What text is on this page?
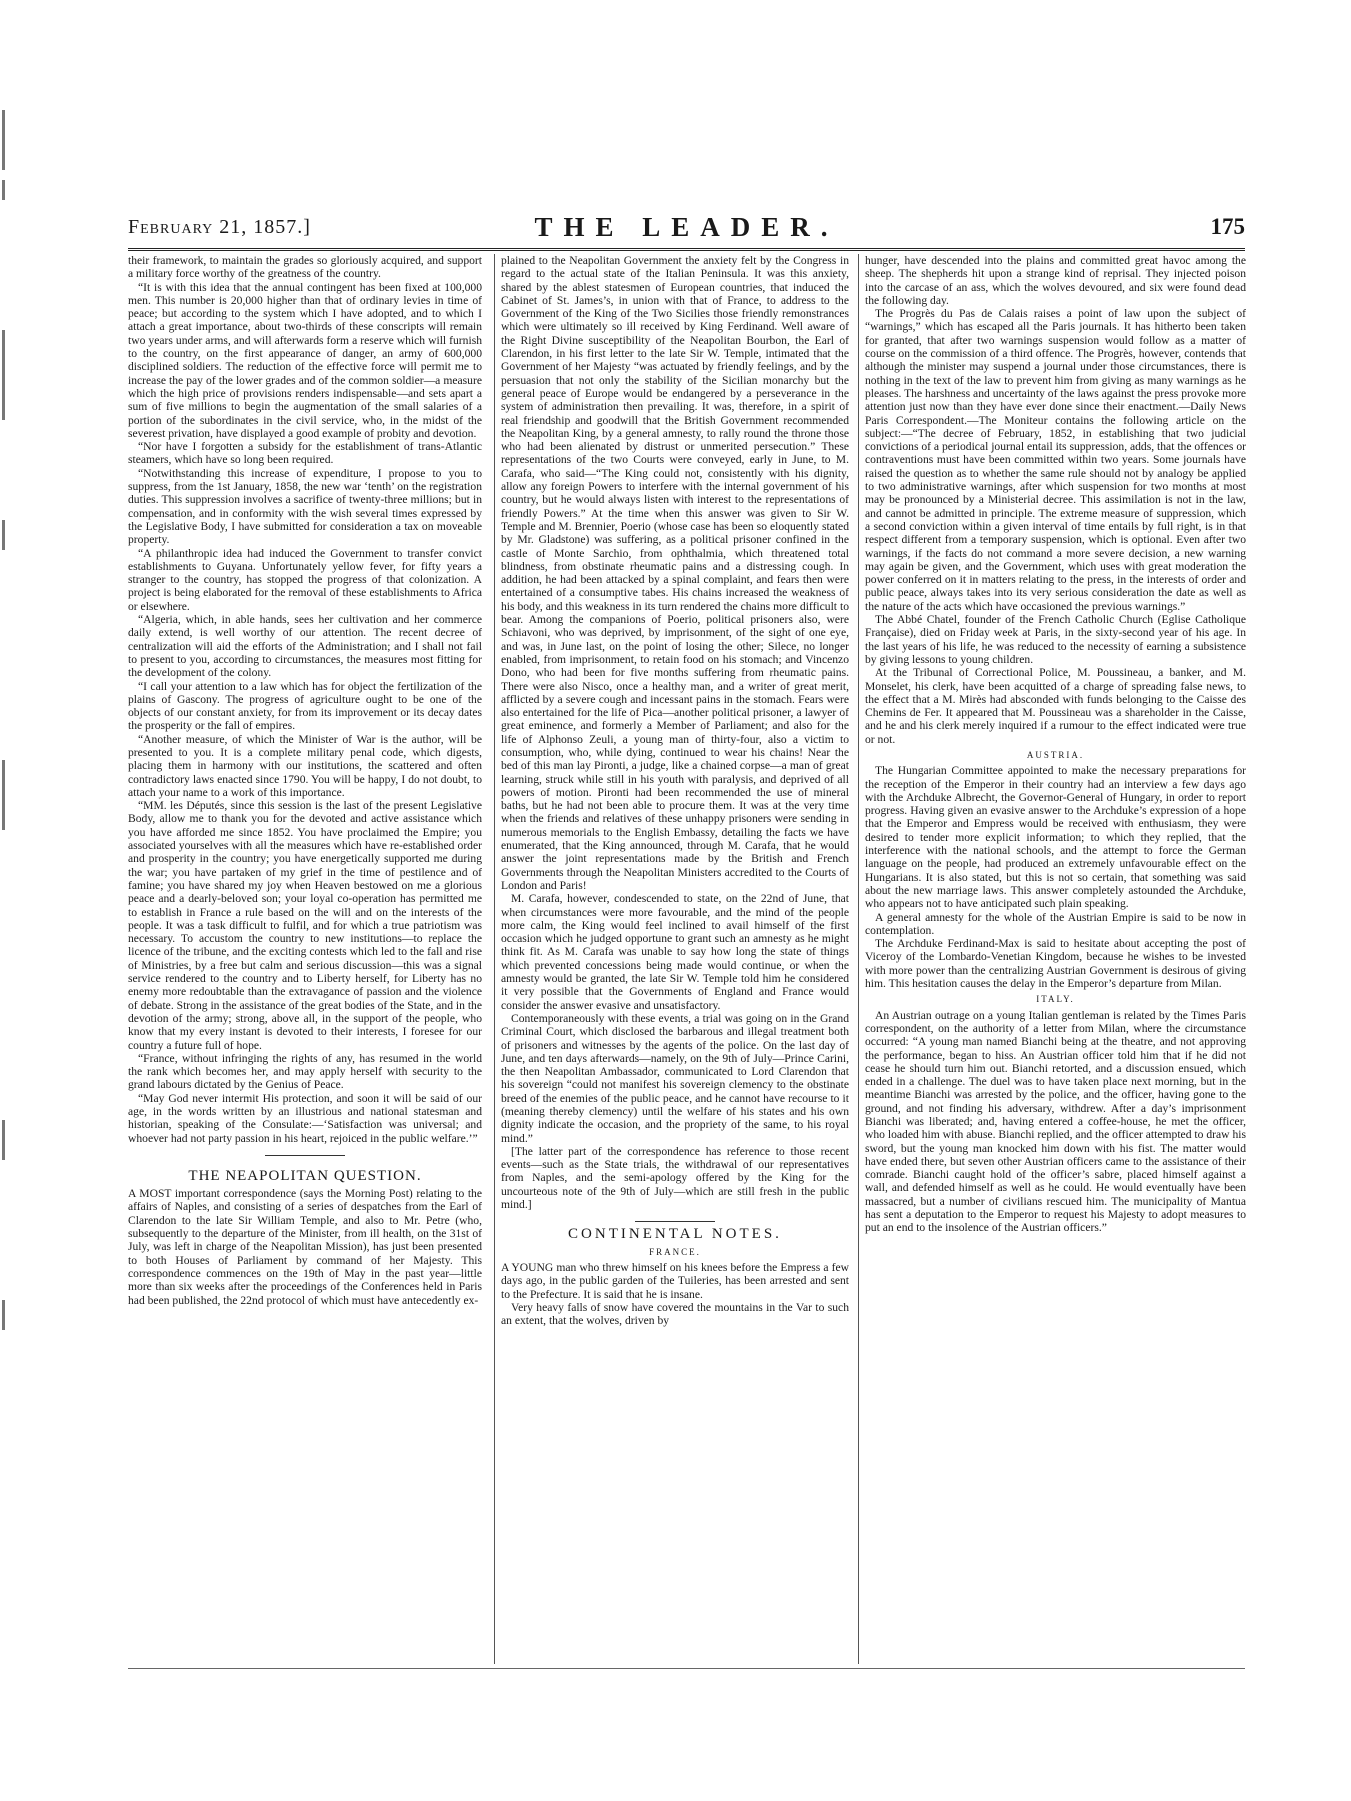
February 21, 1857.]	THE LEADER.	175

their framework, to maintain the grades so gloriously acquired, and support a military force worthy of the greatness of the country.

“It is with this idea that the annual contingent has been fixed at 100,000 men. This number is 20,000 higher than that of ordinary levies in time of peace; but according to the system which I have adopted, and to which I attach a great importance, about two-thirds of these conscripts will remain two years under arms, and will afterwards form a reserve which will furnish to the country, on the first appearance of danger, an army of 600,000 disciplined soldiers. The reduction of the effective force will permit me to increase the pay of the lower grades and of the common soldier—a measure which the high price of provisions renders indispensable—and sets apart a sum of five millions to begin the augmentation of the small salaries of a portion of the subordinates in the civil service, who, in the midst of the severest privation, have displayed a good example of probity and devotion.

“Nor have I forgotten a subsidy for the establishment of trans-Atlantic steamers, which have so long been required.

“Notwithstanding this increase of expenditure, I propose to you to suppress, from the 1st January, 1858, the new war ‘tenth’ on the registration duties. This suppression involves a sacrifice of twenty-three millions; but in compensation, and in conformity with the wish several times expressed by the Legislative Body, I have submitted for consideration a tax on moveable property.

“A philanthropic idea had induced the Government to transfer convict establishments to Guyana. Unfortunately yellow fever, for fifty years a stranger to the country, has stopped the progress of that colonization. A project is being elaborated for the removal of these establishments to Africa or elsewhere.

“Algeria, which, in able hands, sees her cultivation and her commerce daily extend, is well worthy of our attention. The recent decree of centralization will aid the efforts of the Administration; and I shall not fail to present to you, according to circumstances, the measures most fitting for the development of the colony.

“I call your attention to a law which has for object the fertilization of the plains of Gascony. The progress of agriculture ought to be one of the objects of our constant anxiety, for from its improvement or its decay dates the prosperity or the fall of empires.

“Another measure, of which the Minister of War is the author, will be presented to you. It is a complete military penal code, which digests, placing them in harmony with our institutions, the scattered and often contradictory laws enacted since 1790. You will be happy, I do not doubt, to attach your name to a work of this importance.

“MM. les Députés, since this session is the last of the present Legislative Body, allow me to thank you for the devoted and active assistance which you have afforded me since 1852. You have proclaimed the Empire; you associated yourselves with all the measures which have re-established order and prosperity in the country; you have energetically supported me during the war; you have partaken of my grief in the time of pestilence and of famine; you have shared my joy when Heaven bestowed on me a glorious peace and a dearly-beloved son; your loyal co-operation has permitted me to establish in France a rule based on the will and on the interests of the people. It was a task difficult to fulfil, and for which a true patriotism was necessary. To accustom the country to new institutions—to replace the licence of the tribune, and the exciting contests which led to the fall and rise of Ministries, by a free but calm and serious discussion—this was a signal service rendered to the country and to Liberty herself, for Liberty has no enemy more redoubtable than the extravagance of passion and the violence of debate. Strong in the assistance of the great bodies of the State, and in the devotion of the army; strong, above all, in the support of the people, who know that my every instant is devoted to their interests, I foresee for our country a future full of hope.

“France, without infringing the rights of any, has resumed in the world the rank which becomes her, and may apply herself with security to the grand labours dictated by the Genius of Peace.

“May God never intermit His protection, and soon it will be said of our age, in the words written by an illustrious and national statesman and historian, speaking of the Consulate:—‘Satisfaction was universal; and whoever had not party passion in his heart, rejoiced in the public welfare.’”

THE NEAPOLITAN QUESTION.

A MOST important correspondence (says the Morning Post) relating to the affairs of Naples, and consisting of a series of despatches from the Earl of Clarendon to the late Sir William Temple, and also to Mr. Petre (who, subsequently to the departure of the Minister, from ill health, on the 31st of July, was left in charge of the Neapolitan Mission), has just been presented to both Houses of Parliament by command of her Majesty. This correspondence commences on the 19th of May in the past year—little more than six weeks after the proceedings of the Conferences held in Paris had been published, the 22nd protocol of which must have antecedently ex-

plained to the Neapolitan Government the anxiety felt by the Congress in regard to the actual state of the Italian Peninsula. It was this anxiety, shared by the ablest statesmen of European countries, that induced the Cabinet of St. James’s, in union with that of France, to address to the Government of the King of the Two Sicilies those friendly remonstrances which were ultimately so ill received by King Ferdinand. Well aware of the Right Divine susceptibility of the Neapolitan Bourbon, the Earl of Clarendon, in his first letter to the late Sir W. Temple, intimated that the Government of her Majesty “was actuated by friendly feelings, and by the persuasion that not only the stability of the Sicilian monarchy but the general peace of Europe would be endangered by a perseverance in the system of administration then prevailing. It was, therefore, in a spirit of real friendship and goodwill that the British Government recommended the Neapolitan King, by a general amnesty, to rally round the throne those who had been alienated by distrust or unmerited persecution.” These representations of the two Courts were conveyed, early in June, to M. Carafa, who said—“The King could not, consistently with his dignity, allow any foreign Powers to interfere with the internal government of his country, but he would always listen with interest to the representations of friendly Powers.” At the time when this answer was given to Sir W. Temple and M. Brennier, Poerio (whose case has been so eloquently stated by Mr. Gladstone) was suffering, as a political prisoner confined in the castle of Monte Sarchio, from ophthalmia, which threatened total blindness, from obstinate rheumatic pains and a distressing cough. In addition, he had been attacked by a spinal complaint, and fears then were entertained of a consumptive tabes. His chains increased the weakness of his body, and this weakness in its turn rendered the chains more difficult to bear. Among the companions of Poerio, political prisoners also, were Schiavoni, who was deprived, by imprisonment, of the sight of one eye, and was, in June last, on the point of losing the other; Silece, no longer enabled, from imprisonment, to retain food on his stomach; and Vincenzo Dono, who had been for five months suffering from rheumatic pains. There were also Nisco, once a healthy man, and a writer of great merit, afflicted by a severe cough and incessant pains in the stomach. Fears were also entertained for the life of Pica—another political prisoner, a lawyer of great eminence, and formerly a Member of Parliament; and also for the life of Alphonso Zeuli, a young man of thirty-four, also a victim to consumption, who, while dying, continued to wear his chains! Near the bed of this man lay Pironti, a judge, like a chained corpse—a man of great learning, struck while still in his youth with paralysis, and deprived of all powers of motion. Pironti had been recommended the use of mineral baths, but he had not been able to procure them. It was at the very time when the friends and relatives of these unhappy prisoners were sending in numerous memorials to the English Embassy, detailing the facts we have enumerated, that the King announced, through M. Carafa, that he would answer the joint representations made by the British and French Governments through the Neapolitan Ministers accredited to the Courts of London and Paris!

M. Carafa, however, condescended to state, on the 22nd of June, that when circumstances were more favourable, and the mind of the people more calm, the King would feel inclined to avail himself of the first occasion which he judged opportune to grant such an amnesty as he might think fit. As M. Carafa was unable to say how long the state of things which prevented concessions being made would continue, or when the amnesty would be granted, the late Sir W. Temple told him he considered it very possible that the Governments of England and France would consider the answer evasive and unsatisfactory.

Contemporaneously with these events, a trial was going on in the Grand Criminal Court, which disclosed the barbarous and illegal treatment both of prisoners and witnesses by the agents of the police. On the last day of June, and ten days afterwards—namely, on the 9th of July—Prince Carini, the then Neapolitan Ambassador, communicated to Lord Clarendon that his sovereign “could not manifest his sovereign clemency to the obstinate breed of the enemies of the public peace, and he cannot have recourse to it (meaning thereby clemency) until the welfare of his states and his own dignity indicate the occasion, and the propriety of the same, to his royal mind.”

[The latter part of the correspondence has reference to those recent events—such as the State trials, the withdrawal of our representatives from Naples, and the semi-apology offered by the King for the uncourteous note of the 9th of July—which are still fresh in the public mind.]

CONTINENTAL NOTES.
FRANCE.

A YOUNG man who threw himself on his knees before the Empress a few days ago, in the public garden of the Tuileries, has been arrested and sent to the Prefecture. It is said that he is insane.

Very heavy falls of snow have covered the mountains in the Var to such an extent, that the wolves, driven by

hunger, have descended into the plains and committed great havoc among the sheep. The shepherds hit upon a strange kind of reprisal. They injected poison into the carcase of an ass, which the wolves devoured, and six were found dead the following day.

The Progrès du Pas de Calais raises a point of law upon the subject of “warnings,” which has escaped all the Paris journals. It has hitherto been taken for granted, that after two warnings suspension would follow as a matter of course on the commission of a third offence. The Progrès, however, contends that although the minister may suspend a journal under those circumstances, there is nothing in the text of the law to prevent him from giving as many warnings as he pleases. The harshness and uncertainty of the laws against the press provoke more attention just now than they have ever done since their enactment.—Daily News Paris Correspondent.—The Moniteur contains the following article on the subject:—“The decree of February, 1852, in establishing that two judicial convictions of a periodical journal entail its suppression, adds, that the offences or contraventions must have been committed within two years. Some journals have raised the question as to whether the same rule should not by analogy be applied to two administrative warnings, after which suspension for two months at most may be pronounced by a Ministerial decree. This assimilation is not in the law, and cannot be admitted in principle. The extreme measure of suppression, which a second conviction within a given interval of time entails by full right, is in that respect different from a temporary suspension, which is optional. Even after two warnings, if the facts do not command a more severe decision, a new warning may again be given, and the Government, which uses with great moderation the power conferred on it in matters relating to the press, in the interests of order and public peace, always takes into its very serious consideration the date as well as the nature of the acts which have occasioned the previous warnings.”

The Abbé Chatel, founder of the French Catholic Church (Eglise Catholique Française), died on Friday week at Paris, in the sixty-second year of his age. In the last years of his life, he was reduced to the necessity of earning a subsistence by giving lessons to young children.

At the Tribunal of Correctional Police, M. Poussineau, a banker, and M. Monselet, his clerk, have been acquitted of a charge of spreading false news, to the effect that a M. Mirès had absconded with funds belonging to the Caisse des Chemins de Fer. It appeared that M. Poussineau was a shareholder in the Caisse, and he and his clerk merely inquired if a rumour to the effect indicated were true or not.

AUSTRIA.

The Hungarian Committee appointed to make the necessary preparations for the reception of the Emperor in their country had an interview a few days ago with the Archduke Albrecht, the Governor-General of Hungary, in order to report progress. Having given an evasive answer to the Archduke’s expression of a hope that the Emperor and Empress would be received with enthusiasm, they were desired to tender more explicit information; to which they replied, that the interference with the national schools, and the attempt to force the German language on the people, had produced an extremely unfavourable effect on the Hungarians. It is also stated, but this is not so certain, that something was said about the new marriage laws. This answer completely astounded the Archduke, who appears not to have anticipated such plain speaking.

A general amnesty for the whole of the Austrian Empire is said to be now in contemplation.

The Archduke Ferdinand-Max is said to hesitate about accepting the post of Viceroy of the Lombardo-Venetian Kingdom, because he wishes to be invested with more power than the centralizing Austrian Government is desirous of giving him. This hesitation causes the delay in the Emperor’s departure from Milan.

ITALY.

An Austrian outrage on a young Italian gentleman is related by the Times Paris correspondent, on the authority of a letter from Milan, where the circumstance occurred: “A young man named Bianchi being at the theatre, and not approving the performance, began to hiss. An Austrian officer told him that if he did not cease he should turn him out. Bianchi retorted, and a discussion ensued, which ended in a challenge. The duel was to have taken place next morning, but in the meantime Bianchi was arrested by the police, and the officer, having gone to the ground, and not finding his adversary, withdrew. After a day’s imprisonment Bianchi was liberated; and, having entered a coffee-house, he met the officer, who loaded him with abuse. Bianchi replied, and the officer attempted to draw his sword, but the young man knocked him down with his fist. The matter would have ended there, but seven other Austrian officers came to the assistance of their comrade. Bianchi caught hold of the officer’s sabre, placed himself against a wall, and defended himself as well as he could. He would eventually have been massacred, but a number of civilians rescued him. The municipality of Mantua has sent a deputation to the Emperor to request his Majesty to adopt measures to put an end to the insolence of the Austrian officers.”
